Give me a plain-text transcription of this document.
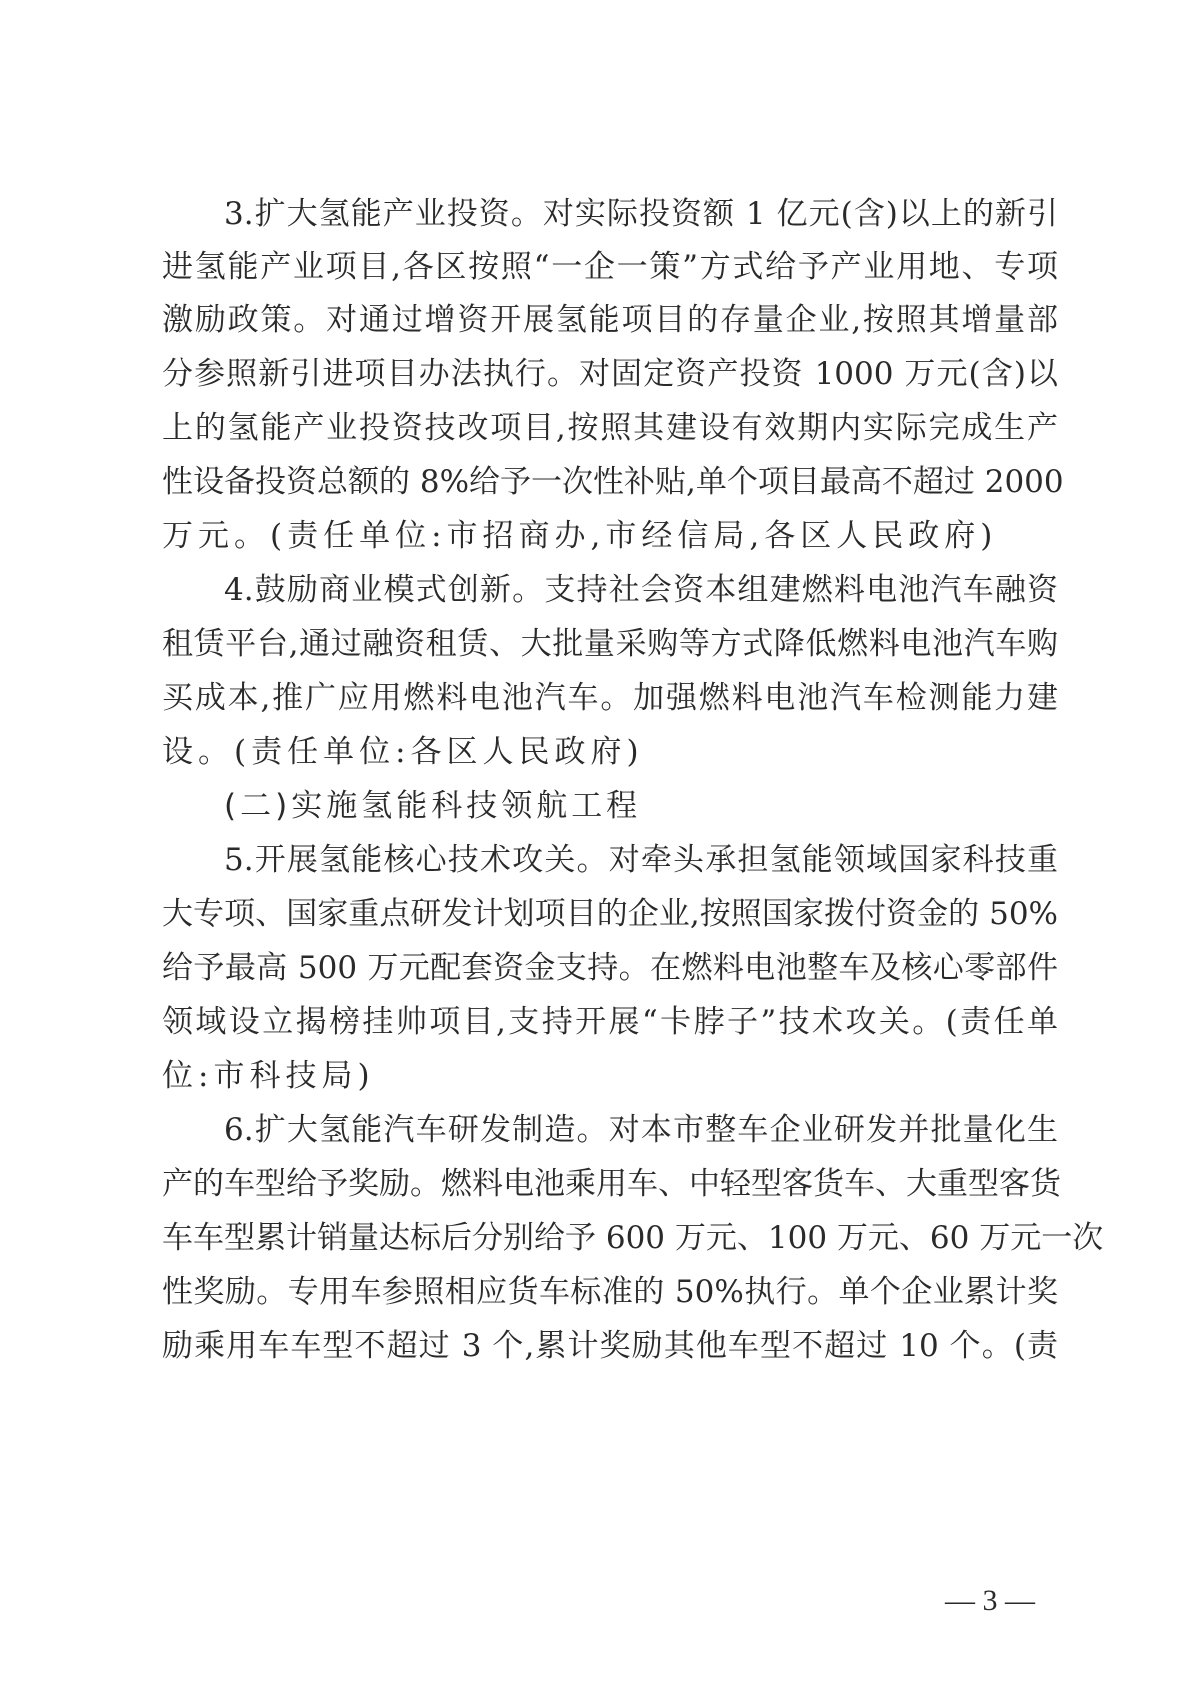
3.扩大氢能产业投资。对实际投资额 1 亿元(含)以上的新引
进氢能产业项目,各区按照“一企一策”方式给予产业用地、专项
激励政策。对通过增资开展氢能项目的存量企业,按照其增量部
分参照新引进项目办法执行。对固定资产投资 1000 万元(含)以
上的氢能产业投资技改项目,按照其建设有效期内实际完成生产
性设备投资总额的 8%给予一次性补贴,单个项目最高不超过 2000
万元。(责任单位:市招商办,市经信局,各区人民政府)
4.鼓励商业模式创新。支持社会资本组建燃料电池汽车融资
租赁平台,通过融资租赁、大批量采购等方式降低燃料电池汽车购
买成本,推广应用燃料电池汽车。加强燃料电池汽车检测能力建
设。(责任单位:各区人民政府)
(二)实施氢能科技领航工程
5.开展氢能核心技术攻关。对牵头承担氢能领域国家科技重
大专项、国家重点研发计划项目的企业,按照国家拨付资金的 50%
给予最高 500 万元配套资金支持。在燃料电池整车及核心零部件
领域设立揭榜挂帅项目,支持开展“卡脖子”技术攻关。(责任单
位:市科技局)
6.扩大氢能汽车研发制造。对本市整车企业研发并批量化生
产的车型给予奖励。燃料电池乘用车、中轻型客货车、大重型客货
车车型累计销量达标后分别给予 600 万元、100 万元、60 万元一次
性奖励。专用车参照相应货车标准的 50%执行。单个企业累计奖
励乘用车车型不超过 3 个,累计奖励其他车型不超过 10 个。(责
— 3 —
